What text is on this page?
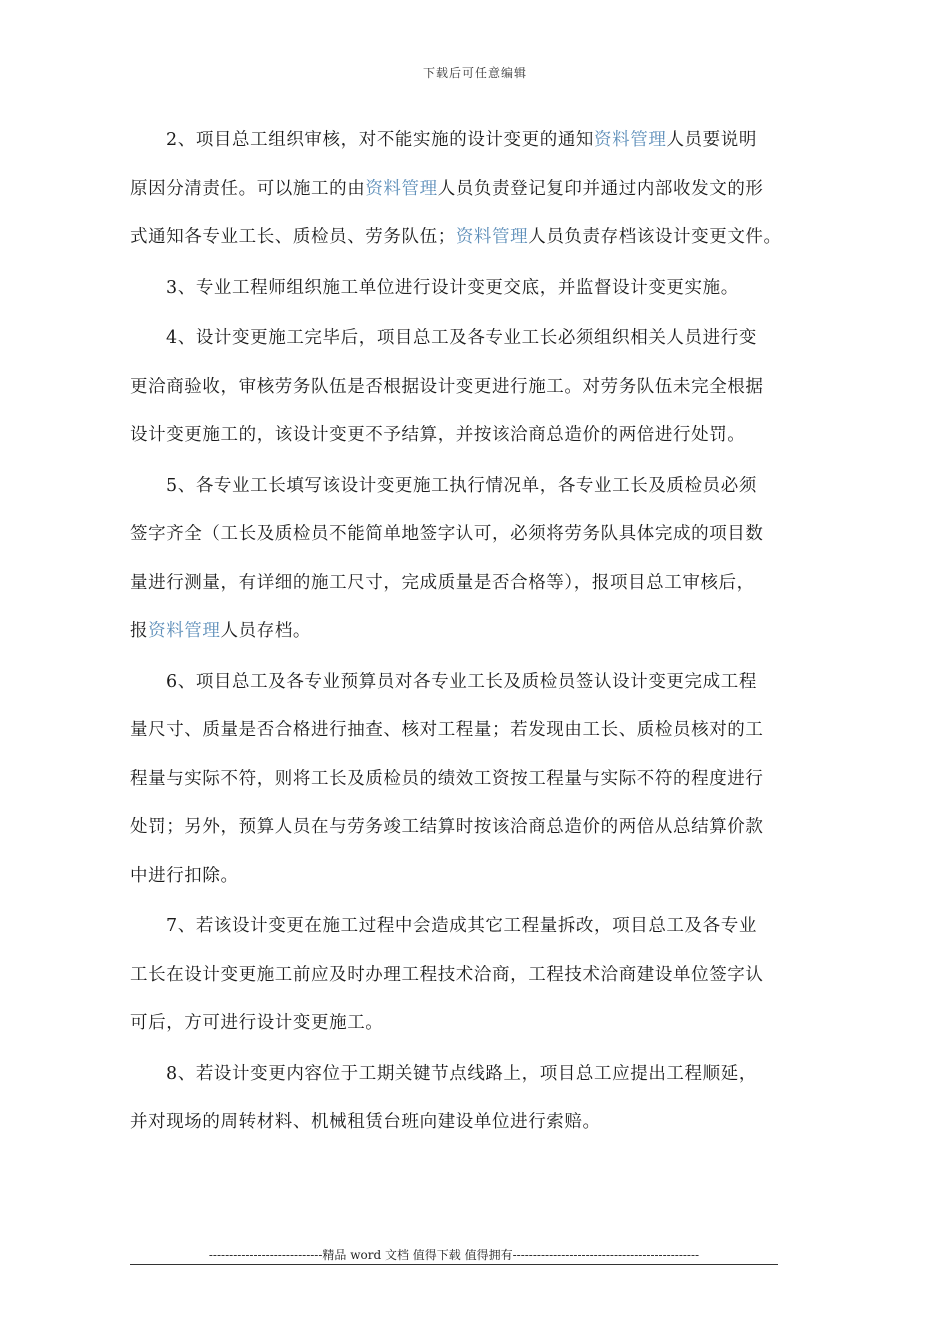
下载后可任意编辑
2、项目总工组织审核，对不能实施的设计变更的通知资料管理人员要说明
原因分清责任。可以施工的由资料管理人员负责登记复印并通过内部收发文的形
式通知各专业工长、质检员、劳务队伍；资料管理人员负责存档该设计变更文件。
3、专业工程师组织施工单位进行设计变更交底，并监督设计变更实施。
4、设计变更施工完毕后，项目总工及各专业工长必须组织相关人员进行变
更洽商验收，审核劳务队伍是否根据设计变更进行施工。对劳务队伍未完全根据
设计变更施工的，该设计变更不予结算，并按该洽商总造价的两倍进行处罚。
5、各专业工长填写该设计变更施工执行情况单，各专业工长及质检员必须
签字齐全（工长及质检员不能简单地签字认可，必须将劳务队具体完成的项目数
量进行测量，有详细的施工尺寸，完成质量是否合格等），报项目总工审核后，
报资料管理人员存档。
6、项目总工及各专业预算员对各专业工长及质检员签认设计变更完成工程
量尺寸、质量是否合格进行抽查、核对工程量；若发现由工长、质检员核对的工
程量与实际不符，则将工长及质检员的绩效工资按工程量与实际不符的程度进行
处罚；另外，预算人员在与劳务竣工结算时按该洽商总造价的两倍从总结算价款
中进行扣除。
7、若该设计变更在施工过程中会造成其它工程量拆改，项目总工及各专业
工长在设计变更施工前应及时办理工程技术洽商，工程技术洽商建设单位签字认
可后，方可进行设计变更施工。
8、若设计变更内容位于工期关键节点线路上，项目总工应提出工程顺延，
并对现场的周转材料、机械租赁台班向建设单位进行索赔。
----------------------------精品 word 文档 值得下载 值得拥有----------------------------------------------
